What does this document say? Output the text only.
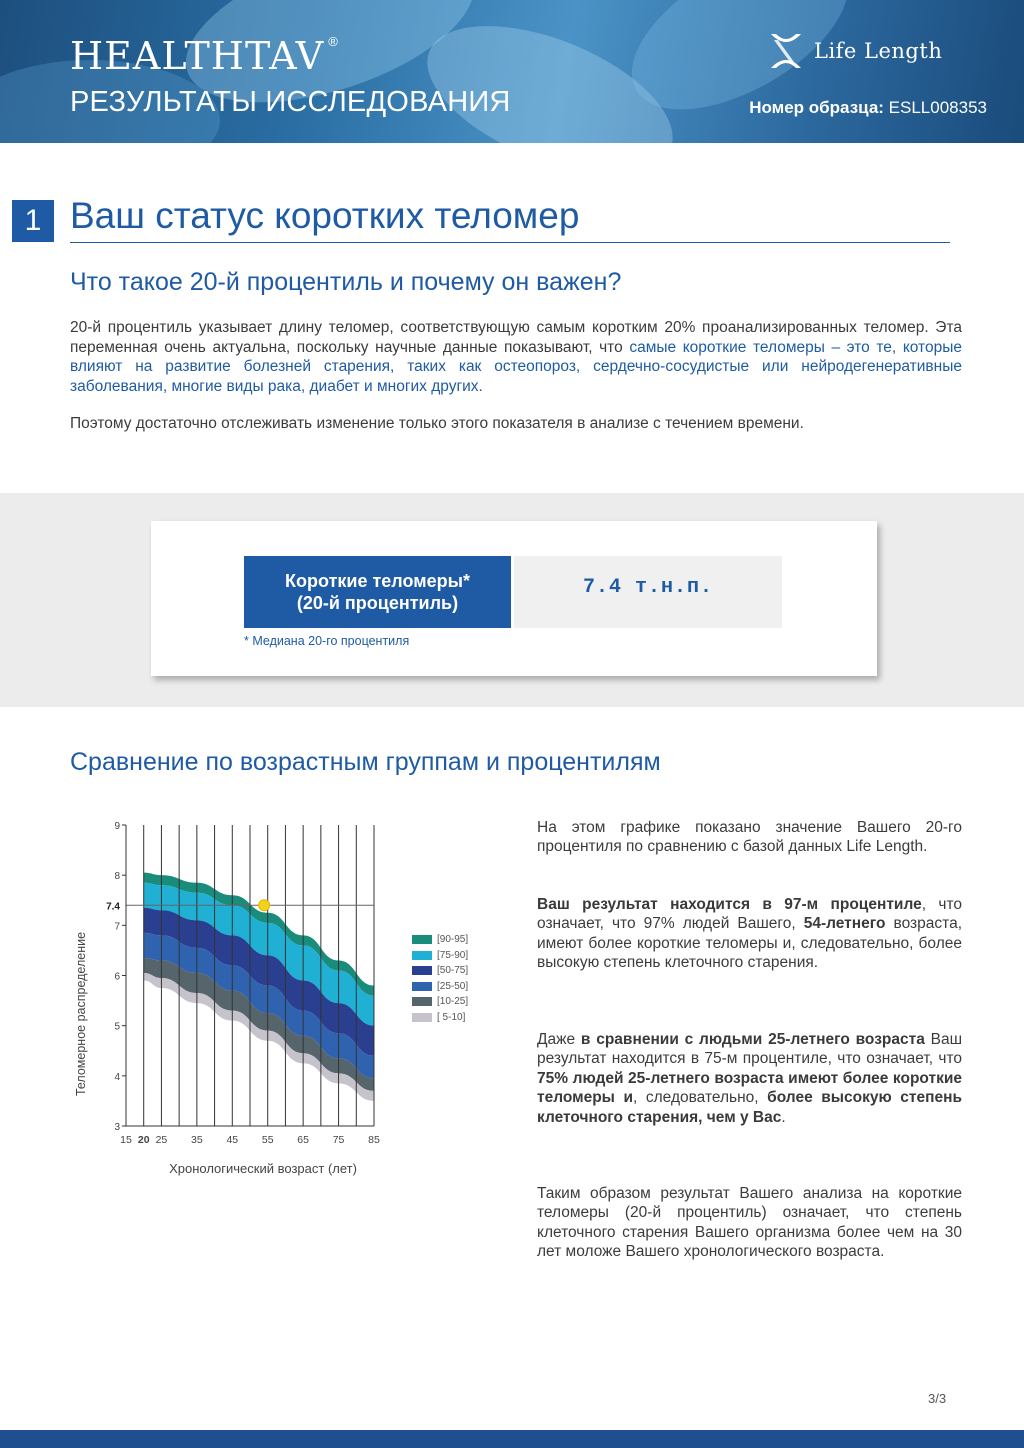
HEALTHTAV ®
РЕЗУЛЬТАТЫ ИССЛЕДОВАНИЯ
Life Length
Номер образца: ESLL008353
1 Ваш статус коротких теломер
Что такое 20-й процентиль и почему он важен?
20-й процентиль указывает длину теломер, соответствующую самым коротким 20% проанализированных теломер. Эта переменная очень актуальна, поскольку научные данные показывают, что самые короткие теломеры – это те, которые влияют на развитие болезней старения, таких как остеопороз, сердечно-сосудистые или нейродегенеративные заболевания, многие виды рака, диабет и многих других.
Поэтому достаточно отслеживать изменение только этого показателя в анализе с течением времени.
Короткие теломеры*
(20-й процентиль)
7.4 т.н.п.
* Медиана 20-го процентиля
Сравнение по возрастным группам и процентилям
3
4
5
6
7
8
9
7.4
15 20 25 35 45 55 65 75 85
Теломерное распределение
Хронологический возраст (лет)
[90-95]
[75-90]
[50-75]
[25-50]
[10-25]
[ 5-10]
На этом графике показано значение Вашего 20-го процентиля по сравнению с базой данных Life Length.
Ваш результат находится в 97-м процентиле, что означает, что 97% людей Вашего, 54-летнего возраста, имеют более короткие теломеры и, следовательно, более высокую степень клеточного старения.
Даже в сравнении с людьми 25-летнего возраста Ваш результат находится в 75-м процентиле, что означает, что 75% людей 25-летнего возраста имеют более короткие теломеры и, следовательно, более высокую степень клеточного старения, чем у Вас.
Таким образом результат Вашего анализа на короткие теломеры (20-й процентиль) означает, что степень клеточного старения Вашего организма более чем на 30 лет моложе Вашего хронологического возраста.
3/3
